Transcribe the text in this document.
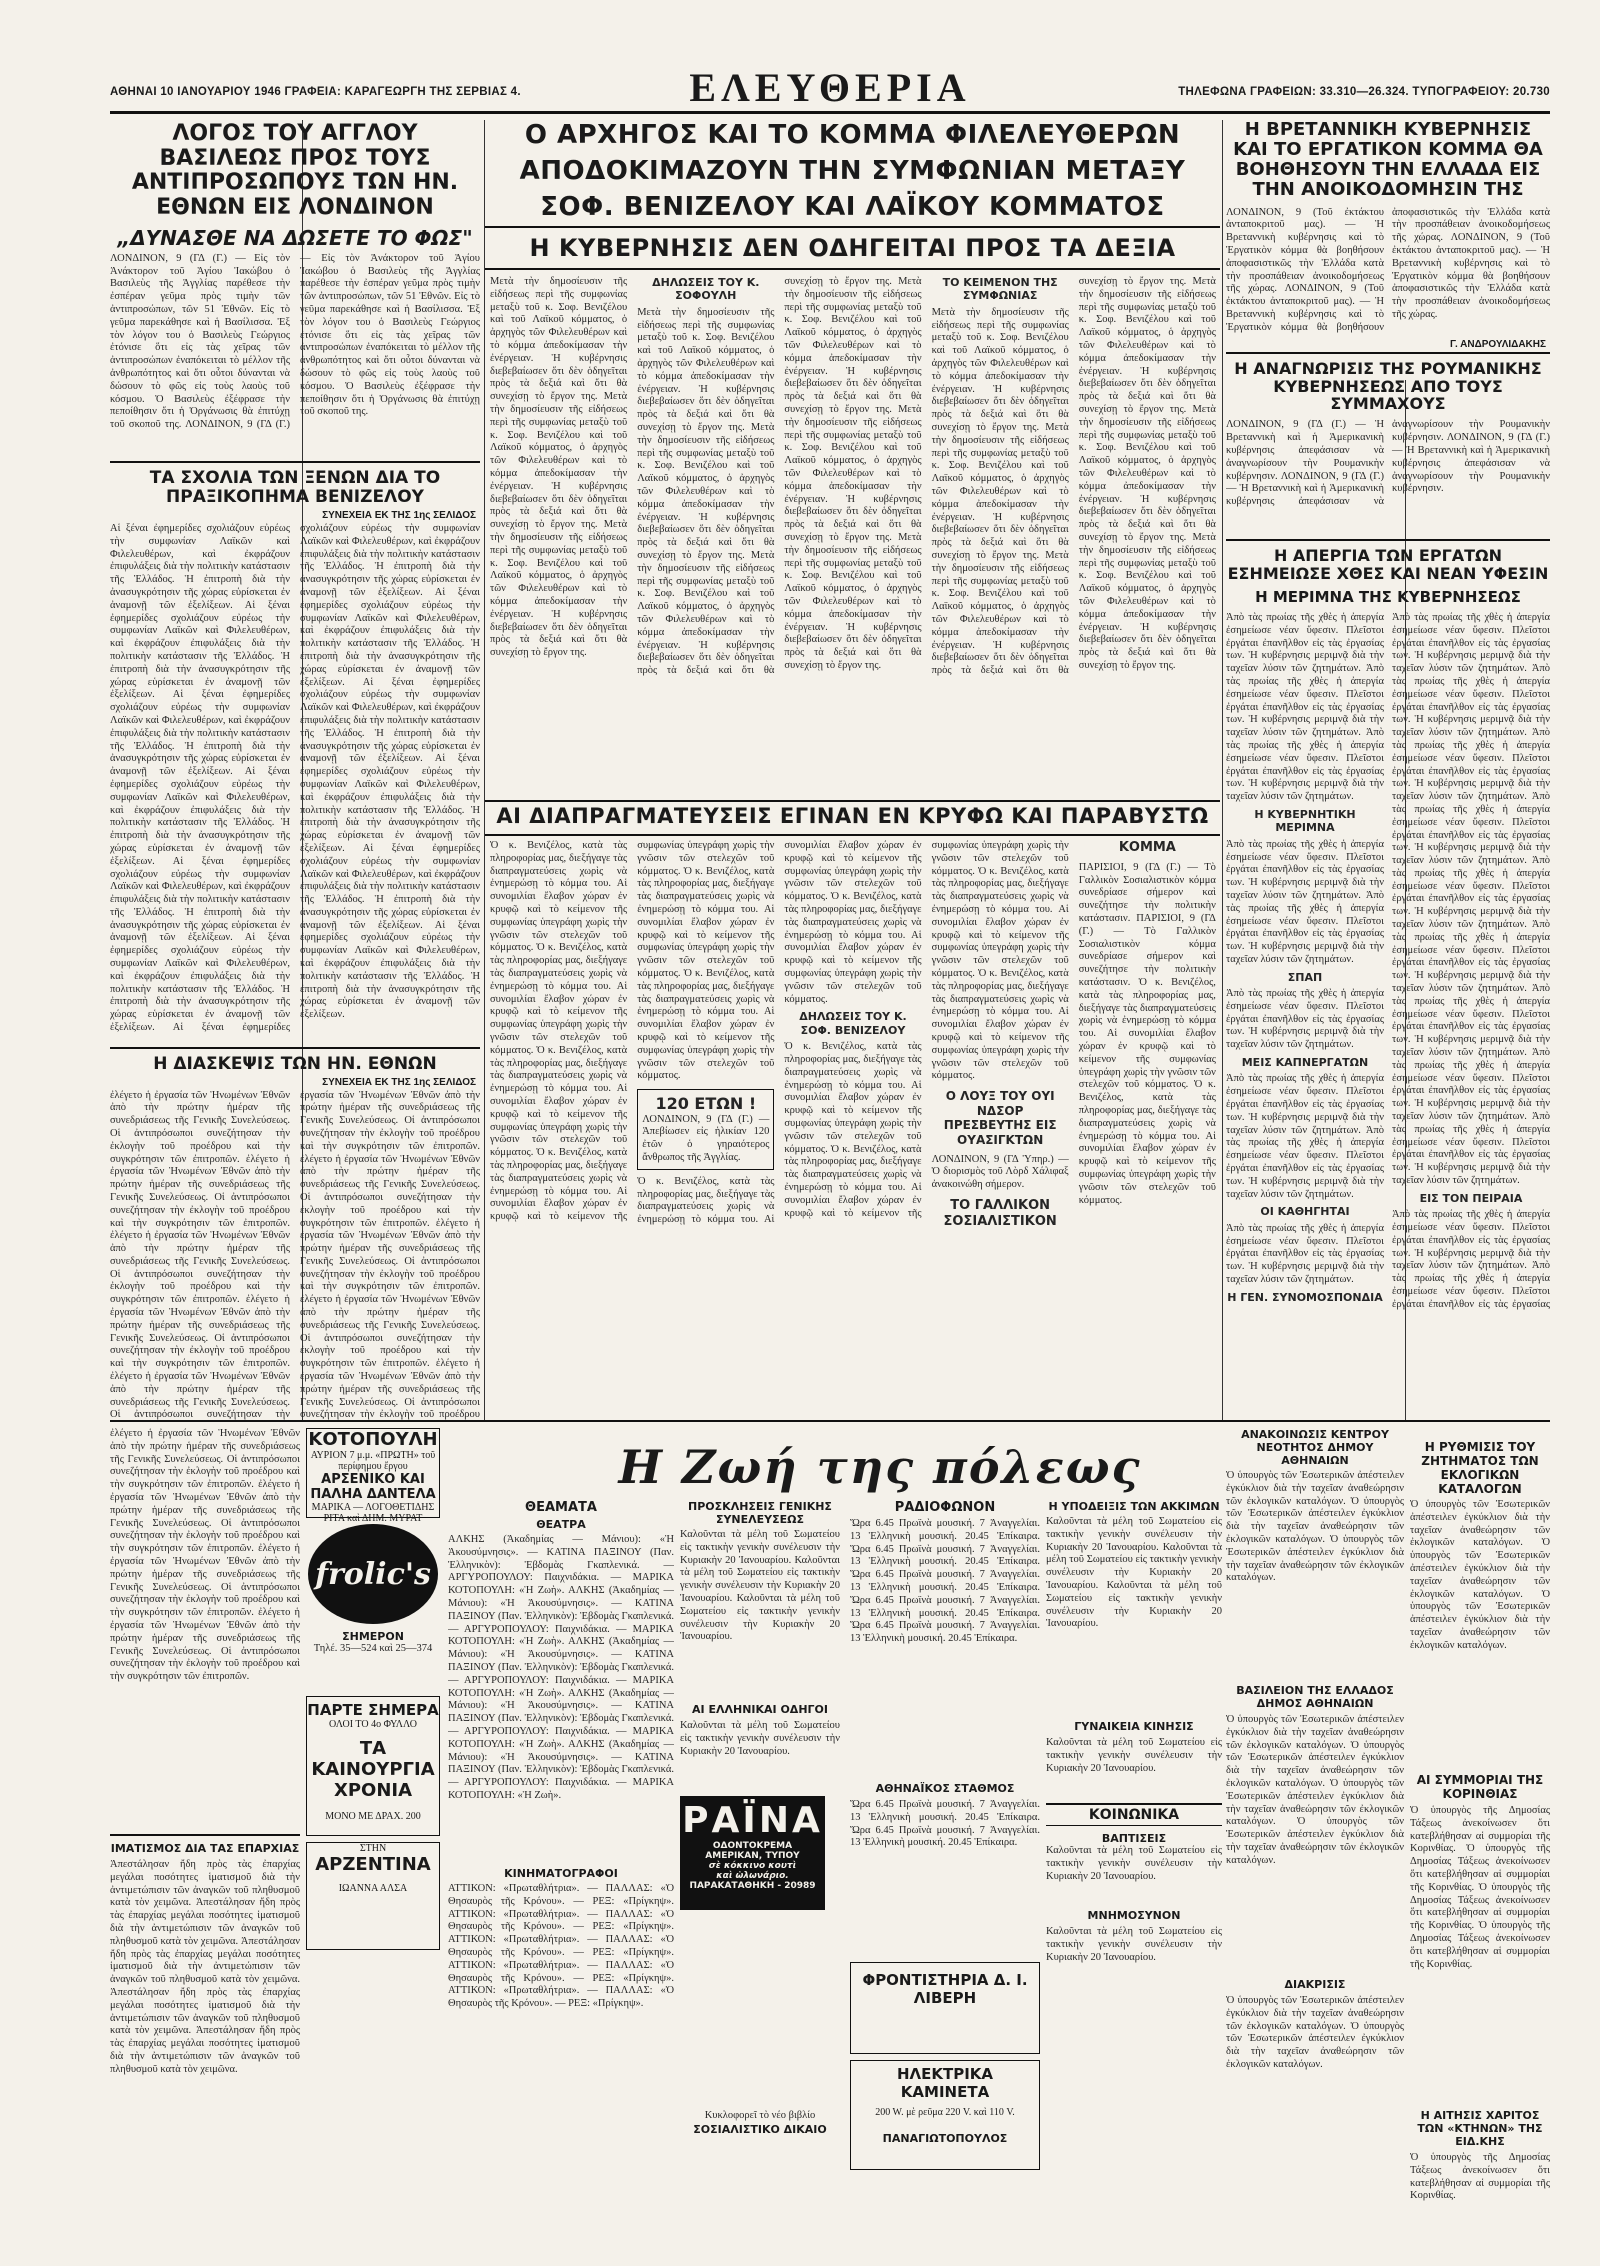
ΑΘΗΝΑΙ 10 ΙΑΝΟΥΑΡΙΟΥ 1946 ΓΡΑΦΕΙΑ: ΚΑΡΑΓΕΩΡΓΗ ΤΗΣ ΣΕΡΒΙΑΣ 4.	ΕΛΕΥΘΕΡΙΑ	ΤΗΛΕΦΩΝΑ ΓΡΑΦΕΙΩΝ: 33.310—26.324. ΤΥΠΟΓΡΑΦΕΙΟΥ: 20.730
ΛΟΓΟΣ ΤΟΥ ΑΓΓΛΟΥ ΒΑΣΙΛΕΩΣ ΠΡΟΣ ΤΟΥΣ ΑΝΤΙΠΡΟΣΩΠΟΥΣ ΤΩΝ ΗΝ. ΕΘΝΩΝ ΕΙΣ ΛΟΝΔΙΝΟΝ
„ΔΥΝΑΣΘΕ ΝΑ ΔΩΣΕΤΕ ΤΟ ΦΩΣ"
ΛΟΝΔΙΝΟΝ, 9 (ΓΔ (Γ.) — Εἰς τὸν Ἀνάκτορον τοῦ Ἁγίου Ἰακώβου ὁ Βασιλεὺς τῆς Ἀγγλίας παρέθεσε τὴν ἐσπέραν γεῦμα πρὸς τιμὴν τῶν ἀντιπροσώπων, τῶν 51 Ἐθνῶν. Εἰς τὸ γεῦμα παρεκάθησε καὶ ἡ Βασίλισσα. Ἐξ τὸν λόγον του ὁ Βασιλεὺς Γεώργιος ἐτόνισε ὅτι εἰς τὰς χεῖρας τῶν ἀντιπροσώπων ἐναπόκειται τὸ μέλλον τῆς ἀνθρωπότητος καὶ ὅτι οὗτοι δύνανται νὰ δώσουν τὸ φῶς εἰς τοὺς λαοὺς τοῦ κόσμου. Ὁ Βασιλεὺς ἐξέφρασε τὴν πεποίθησιν ὅτι ἡ Ὀργάνωσις θὰ ἐπιτύχῃ τοῦ σκοποῦ της. ΛΟΝΔΙΝΟΝ, 9 (ΓΔ (Γ.) — Εἰς τὸν Ἀνάκτορον τοῦ Ἁγίου Ἰακώβου ὁ Βασιλεὺς τῆς Ἀγγλίας παρέθεσε τὴν ἐσπέραν γεῦμα πρὸς τιμὴν τῶν ἀντιπροσώπων, τῶν 51 Ἐθνῶν. Εἰς τὸ γεῦμα παρεκάθησε καὶ ἡ Βασίλισσα. Ἐξ τὸν λόγον του ὁ Βασιλεὺς Γεώργιος ἐτόνισε ὅτι εἰς τὰς χεῖρας τῶν ἀντιπροσώπων ἐναπόκειται τὸ μέλλον τῆς ἀνθρωπότητος καὶ ὅτι οὗτοι δύνανται νὰ δώσουν τὸ φῶς εἰς τοὺς λαοὺς τοῦ κόσμου. Ὁ Βασιλεὺς ἐξέφρασε τὴν πεποίθησιν ὅτι ἡ Ὀργάνωσις θὰ ἐπιτύχῃ τοῦ σκοποῦ της.
ΤΑ ΣΧΟΛΙΑ ΤΩΝ ΞΕΝΩΝ ΔΙΑ ΤΟ ΠΡΑΞΙΚΟΠΗΜΑ ΒΕΝΙΖΕΛΟΥ
ΣΥΝΕΧΕΙΑ ΕΚ ΤΗΣ 1ης ΣΕΛΙΔΟΣ
Αἱ ξέναι ἐφημερίδες σχολιάζουν εὐρέως τὴν συμφωνίαν Λαϊκῶν καὶ Φιλελευθέρων, καὶ ἐκφράζουν ἐπιφυλάξεις διὰ τὴν πολιτικὴν κατάστασιν τῆς Ἑλλάδος. Ἡ ἐπιτροπὴ διὰ τὴν ἀνασυγκρότησιν τῆς χώρας εὑρίσκεται ἐν ἀναμονῇ τῶν ἐξελίξεων. Αἱ ξέναι ἐφημερίδες σχολιάζουν εὐρέως τὴν συμφωνίαν Λαϊκῶν καὶ Φιλελευθέρων, καὶ ἐκφράζουν ἐπιφυλάξεις διὰ τὴν πολιτικὴν κατάστασιν τῆς Ἑλλάδος. Ἡ ἐπιτροπὴ διὰ τὴν ἀνασυγκρότησιν τῆς χώρας εὑρίσκεται ἐν ἀναμονῇ τῶν ἐξελίξεων. Αἱ ξέναι ἐφημερίδες σχολιάζουν εὐρέως τὴν συμφωνίαν Λαϊκῶν καὶ Φιλελευθέρων, καὶ ἐκφράζουν ἐπιφυλάξεις διὰ τὴν πολιτικὴν κατάστασιν τῆς Ἑλλάδος. Ἡ ἐπιτροπὴ διὰ τὴν ἀνασυγκρότησιν τῆς χώρας εὑρίσκεται ἐν ἀναμονῇ τῶν ἐξελίξεων. Αἱ ξέναι ἐφημερίδες σχολιάζουν εὐρέως τὴν συμφωνίαν Λαϊκῶν καὶ Φιλελευθέρων, καὶ ἐκφράζουν ἐπιφυλάξεις διὰ τὴν πολιτικὴν κατάστασιν τῆς Ἑλλάδος. Ἡ ἐπιτροπὴ διὰ τὴν ἀνασυγκρότησιν τῆς χώρας εὑρίσκεται ἐν ἀναμονῇ τῶν ἐξελίξεων. Αἱ ξέναι ἐφημερίδες σχολιάζουν εὐρέως τὴν συμφωνίαν Λαϊκῶν καὶ Φιλελευθέρων, καὶ ἐκφράζουν ἐπιφυλάξεις διὰ τὴν πολιτικὴν κατάστασιν τῆς Ἑλλάδος. Ἡ ἐπιτροπὴ διὰ τὴν ἀνασυγκρότησιν τῆς χώρας εὑρίσκεται ἐν ἀναμονῇ τῶν ἐξελίξεων. Αἱ ξέναι ἐφημερίδες σχολιάζουν εὐρέως τὴν συμφωνίαν Λαϊκῶν καὶ Φιλελευθέρων, καὶ ἐκφράζουν ἐπιφυλάξεις διὰ τὴν πολιτικὴν κατάστασιν τῆς Ἑλλάδος. Ἡ ἐπιτροπὴ διὰ τὴν ἀνασυγκρότησιν τῆς χώρας εὑρίσκεται ἐν ἀναμονῇ τῶν ἐξελίξεων. Αἱ ξέναι ἐφημερίδες σχολιάζουν εὐρέως τὴν συμφωνίαν Λαϊκῶν καὶ Φιλελευθέρων, καὶ ἐκφράζουν ἐπιφυλάξεις διὰ τὴν πολιτικὴν κατάστασιν τῆς Ἑλλάδος. Ἡ ἐπιτροπὴ διὰ τὴν ἀνασυγκρότησιν τῆς χώρας εὑρίσκεται ἐν ἀναμονῇ τῶν ἐξελίξεων. Αἱ ξέναι ἐφημερίδες σχολιάζουν εὐρέως τὴν συμφωνίαν Λαϊκῶν καὶ Φιλελευθέρων, καὶ ἐκφράζουν ἐπιφυλάξεις διὰ τὴν πολιτικὴν κατάστασιν τῆς Ἑλλάδος. Ἡ ἐπιτροπὴ διὰ τὴν ἀνασυγκρότησιν τῆς χώρας εὑρίσκεται ἐν ἀναμονῇ τῶν ἐξελίξεων. Αἱ ξέναι ἐφημερίδες σχολιάζουν εὐρέως τὴν συμφωνίαν Λαϊκῶν καὶ Φιλελευθέρων, καὶ ἐκφράζουν ἐπιφυλάξεις διὰ τὴν πολιτικὴν κατάστασιν τῆς Ἑλλάδος. Ἡ ἐπιτροπὴ διὰ τὴν ἀνασυγκρότησιν τῆς χώρας εὑρίσκεται ἐν ἀναμονῇ τῶν ἐξελίξεων. Αἱ ξέναι ἐφημερίδες σχολιάζουν εὐρέως τὴν συμφωνίαν Λαϊκῶν καὶ Φιλελευθέρων, καὶ ἐκφράζουν ἐπιφυλάξεις διὰ τὴν πολιτικὴν κατάστασιν τῆς Ἑλλάδος. Ἡ ἐπιτροπὴ διὰ τὴν ἀνασυγκρότησιν τῆς χώρας εὑρίσκεται ἐν ἀναμονῇ τῶν ἐξελίξεων. Αἱ ξέναι ἐφημερίδες σχολιάζουν εὐρέως τὴν συμφωνίαν Λαϊκῶν καὶ Φιλελευθέρων, καὶ ἐκφράζουν ἐπιφυλάξεις διὰ τὴν πολιτικὴν κατάστασιν τῆς Ἑλλάδος. Ἡ ἐπιτροπὴ διὰ τὴν ἀνασυγκρότησιν τῆς χώρας εὑρίσκεται ἐν ἀναμονῇ τῶν ἐξελίξεων. Αἱ ξέναι ἐφημερίδες σχολιάζουν εὐρέως τὴν συμφωνίαν Λαϊκῶν καὶ Φιλελευθέρων, καὶ ἐκφράζουν ἐπιφυλάξεις διὰ τὴν πολιτικὴν κατάστασιν τῆς Ἑλλάδος. Ἡ ἐπιτροπὴ διὰ τὴν ἀνασυγκρότησιν τῆς χώρας εὑρίσκεται ἐν ἀναμονῇ τῶν ἐξελίξεων.
Η ΔΙΑΣΚΕΨΙΣ ΤΩΝ ΗΝ. ΕΘΝΩΝ
ΣΥΝΕΧΕΙΑ ΕΚ ΤΗΣ 1ης ΣΕΛΙΔΟΣ
ἐλέγετο ἡ ἐργασία τῶν Ἡνωμένων Ἐθνῶν ἀπὸ τὴν πρώτην ἡμέραν τῆς συνεδριάσεως τῆς Γενικῆς Συνελεύσεως. Οἱ ἀντιπρόσωποι συνεζήτησαν τὴν ἐκλογὴν τοῦ προέδρου καὶ τὴν συγκρότησιν τῶν ἐπιτροπῶν. ἐλέγετο ἡ ἐργασία τῶν Ἡνωμένων Ἐθνῶν ἀπὸ τὴν πρώτην ἡμέραν τῆς συνεδριάσεως τῆς Γενικῆς Συνελεύσεως. Οἱ ἀντιπρόσωποι συνεζήτησαν τὴν ἐκλογὴν τοῦ προέδρου καὶ τὴν συγκρότησιν τῶν ἐπιτροπῶν. ἐλέγετο ἡ ἐργασία τῶν Ἡνωμένων Ἐθνῶν ἀπὸ τὴν πρώτην ἡμέραν τῆς συνεδριάσεως τῆς Γενικῆς Συνελεύσεως. Οἱ ἀντιπρόσωποι συνεζήτησαν τὴν ἐκλογὴν τοῦ προέδρου καὶ τὴν συγκρότησιν τῶν ἐπιτροπῶν. ἐλέγετο ἡ ἐργασία τῶν Ἡνωμένων Ἐθνῶν ἀπὸ τὴν πρώτην ἡμέραν τῆς συνεδριάσεως τῆς Γενικῆς Συνελεύσεως. Οἱ ἀντιπρόσωποι συνεζήτησαν τὴν ἐκλογὴν τοῦ προέδρου καὶ τὴν συγκρότησιν τῶν ἐπιτροπῶν. ἐλέγετο ἡ ἐργασία τῶν Ἡνωμένων Ἐθνῶν ἀπὸ τὴν πρώτην ἡμέραν τῆς συνεδριάσεως τῆς Γενικῆς Συνελεύσεως. Οἱ ἀντιπρόσωποι συνεζήτησαν τὴν ἐργασία τῶν Ἡνωμένων Ἐθνῶν ἀπὸ τὴν πρώτην ἡμέραν τῆς συνεδριάσεως τῆς Γενικῆς Συνελεύσεως. Οἱ ἀντιπρόσωποι συνεζήτησαν τὴν ἐκλογὴν τοῦ προέδρου καὶ τὴν συγκρότησιν τῶν ἐπιτροπῶν. ἐλέγετο ἡ ἐργασία τῶν Ἡνωμένων Ἐθνῶν ἀπὸ τὴν πρώτην ἡμέραν τῆς συνεδριάσεως τῆς Γενικῆς Συνελεύσεως. Οἱ ἀντιπρόσωποι συνεζήτησαν τὴν ἐκλογὴν τοῦ προέδρου καὶ τὴν συγκρότησιν τῶν ἐπιτροπῶν. ἐλέγετο ἡ ἐργασία τῶν Ἡνωμένων Ἐθνῶν ἀπὸ τὴν πρώτην ἡμέραν τῆς συνεδριάσεως τῆς Γενικῆς Συνελεύσεως. Οἱ ἀντιπρόσωποι συνεζήτησαν τὴν ἐκλογὴν τοῦ προέδρου καὶ τὴν συγκρότησιν τῶν ἐπιτροπῶν. ἐλέγετο ἡ ἐργασία τῶν Ἡνωμένων Ἐθνῶν ἀπὸ τὴν πρώτην ἡμέραν τῆς συνεδριάσεως τῆς Γενικῆς Συνελεύσεως. Οἱ ἀντιπρόσωποι συνεζήτησαν τὴν ἐκλογὴν τοῦ προέδρου καὶ τὴν συγκρότησιν τῶν ἐπιτροπῶν. ἐλέγετο ἡ ἐργασία τῶν Ἡνωμένων Ἐθνῶν ἀπὸ τὴν πρώτην ἡμέραν τῆς συνεδριάσεως τῆς Γενικῆς Συνελεύσεως. Οἱ ἀντιπρόσωποι συνεζήτησαν τὴν ἐκλογὴν τοῦ προέδρου
Ο ΑΡΧΗΓΟΣ ΚΑΙ ΤΟ ΚΟΜΜΑ ΦΙΛΕΛΕΥΘΕΡΩΝ
ΑΠΟΔΟΚΙΜΑΖΟΥΝ ΤΗΝ ΣΥΜΦΩΝΙΑΝ ΜΕΤΑΞΥ
ΣΟΦ. ΒΕΝΙΖΕΛΟΥ ΚΑΙ ΛΑΪΚΟΥ ΚΟΜΜΑΤΟΣ
Η ΚΥΒΕΡΝΗΣΙΣ ΔΕΝ ΟΔΗΓΕΙΤΑΙ ΠΡΟΣ ΤΑ ΔΕΞΙΑ
Μετὰ τὴν δημοσίευσιν τῆς εἰδήσεως περὶ τῆς συμφωνίας μεταξὺ τοῦ κ. Σοφ. Βενιζέλου καὶ τοῦ Λαϊκοῦ κόμματος, ὁ ἀρχηγὸς τῶν Φιλελευθέρων καὶ τὸ κόμμα ἀπεδοκίμασαν τὴν ἐνέργειαν. Ἡ κυβέρνησις διεβεβαίωσεν ὅτι δὲν ὁδηγεῖται πρὸς τὰ δεξιά καὶ ὅτι θὰ συνεχίσῃ τὸ ἔργον της. Μετὰ τὴν δημοσίευσιν τῆς εἰδήσεως περὶ τῆς συμφωνίας μεταξὺ τοῦ κ. Σοφ. Βενιζέλου καὶ τοῦ Λαϊκοῦ κόμματος, ὁ ἀρχηγὸς τῶν Φιλελευθέρων καὶ τὸ κόμμα ἀπεδοκίμασαν τὴν ἐνέργειαν. Ἡ κυβέρνησις διεβεβαίωσεν ὅτι δὲν ὁδηγεῖται πρὸς τὰ δεξιά καὶ ὅτι θὰ συνεχίσῃ τὸ ἔργον της. Μετὰ τὴν δημοσίευσιν τῆς εἰδήσεως περὶ τῆς συμφωνίας μεταξὺ τοῦ κ. Σοφ. Βενιζέλου καὶ τοῦ Λαϊκοῦ κόμματος, ὁ ἀρχηγὸς τῶν Φιλελευθέρων καὶ τὸ κόμμα ἀπεδοκίμασαν τὴν ἐνέργειαν. Ἡ κυβέρνησις διεβεβαίωσεν ὅτι δὲν ὁδηγεῖται πρὸς τὰ δεξιά καὶ ὅτι θὰ συνεχίσῃ τὸ ἔργον της.
ΔΗΛΩΣΕΙΣ ΤΟΥ Κ. ΣΟΦΟΥΛΗ
Μετὰ τὴν δημοσίευσιν τῆς εἰδήσεως περὶ τῆς συμφωνίας μεταξὺ τοῦ κ. Σοφ. Βενιζέλου καὶ τοῦ Λαϊκοῦ κόμματος, ὁ ἀρχηγὸς τῶν Φιλελευθέρων καὶ τὸ κόμμα ἀπεδοκίμασαν τὴν ἐνέργειαν. Ἡ κυβέρνησις διεβεβαίωσεν ὅτι δὲν ὁδηγεῖται πρὸς τὰ δεξιά καὶ ὅτι θὰ συνεχίσῃ τὸ ἔργον της. Μετὰ τὴν δημοσίευσιν τῆς εἰδήσεως περὶ τῆς συμφωνίας μεταξὺ τοῦ κ. Σοφ. Βενιζέλου καὶ τοῦ Λαϊκοῦ κόμματος, ὁ ἀρχηγὸς τῶν Φιλελευθέρων καὶ τὸ κόμμα ἀπεδοκίμασαν τὴν ἐνέργειαν. Ἡ κυβέρνησις διεβεβαίωσεν ὅτι δὲν ὁδηγεῖται πρὸς τὰ δεξιά καὶ ὅτι θὰ συνεχίσῃ τὸ ἔργον της. Μετὰ τὴν δημοσίευσιν τῆς εἰδήσεως περὶ τῆς συμφωνίας μεταξὺ τοῦ κ. Σοφ. Βενιζέλου καὶ τοῦ Λαϊκοῦ κόμματος, ὁ ἀρχηγὸς τῶν Φιλελευθέρων καὶ τὸ κόμμα ἀπεδοκίμασαν τὴν ἐνέργειαν. Ἡ κυβέρνησις διεβεβαίωσεν ὅτι δὲν ὁδηγεῖται πρὸς τὰ δεξιά καὶ ὅτι θὰ συνεχίσῃ τὸ ἔργον της. Μετὰ τὴν δημοσίευσιν τῆς εἰδήσεως περὶ τῆς συμφωνίας μεταξὺ τοῦ κ. Σοφ. Βενιζέλου καὶ τοῦ Λαϊκοῦ κόμματος, ὁ ἀρχηγὸς τῶν Φιλελευθέρων καὶ τὸ κόμμα ἀπεδοκίμασαν τὴν ἐνέργειαν. Ἡ κυβέρνησις διεβεβαίωσεν ὅτι δὲν ὁδηγεῖται πρὸς τὰ δεξιά καὶ ὅτι θὰ συνεχίσῃ τὸ ἔργον της. Μετὰ τὴν δημοσίευσιν τῆς εἰδήσεως περὶ τῆς συμφωνίας μεταξὺ τοῦ κ. Σοφ. Βενιζέλου καὶ τοῦ Λαϊκοῦ κόμματος, ὁ ἀρχηγὸς τῶν Φιλελευθέρων καὶ τὸ κόμμα ἀπεδοκίμασαν τὴν ἐνέργειαν. Ἡ κυβέρνησις διεβεβαίωσεν ὅτι δὲν ὁδηγεῖται πρὸς τὰ δεξιά καὶ ὅτι θὰ συνεχίσῃ τὸ ἔργον της. Μετὰ τὴν δημοσίευσιν τῆς εἰδήσεως περὶ τῆς συμφωνίας μεταξὺ τοῦ κ. Σοφ. Βενιζέλου καὶ τοῦ Λαϊκοῦ κόμματος, ὁ ἀρχηγὸς τῶν Φιλελευθέρων καὶ τὸ κόμμα ἀπεδοκίμασαν τὴν ἐνέργειαν. Ἡ κυβέρνησις διεβεβαίωσεν ὅτι δὲν ὁδηγεῖται πρὸς τὰ δεξιά καὶ ὅτι θὰ συνεχίσῃ τὸ ἔργον της.
ΤΟ ΚΕΙΜΕΝΟΝ ΤΗΣ ΣΥΜΦΩΝΙΑΣ
Μετὰ τὴν δημοσίευσιν τῆς εἰδήσεως περὶ τῆς συμφωνίας μεταξὺ τοῦ κ. Σοφ. Βενιζέλου καὶ τοῦ Λαϊκοῦ κόμματος, ὁ ἀρχηγὸς τῶν Φιλελευθέρων καὶ τὸ κόμμα ἀπεδοκίμασαν τὴν ἐνέργειαν. Ἡ κυβέρνησις διεβεβαίωσεν ὅτι δὲν ὁδηγεῖται πρὸς τὰ δεξιά καὶ ὅτι θὰ συνεχίσῃ τὸ ἔργον της. Μετὰ τὴν δημοσίευσιν τῆς εἰδήσεως περὶ τῆς συμφωνίας μεταξὺ τοῦ κ. Σοφ. Βενιζέλου καὶ τοῦ Λαϊκοῦ κόμματος, ὁ ἀρχηγὸς τῶν Φιλελευθέρων καὶ τὸ κόμμα ἀπεδοκίμασαν τὴν ἐνέργειαν. Ἡ κυβέρνησις διεβεβαίωσεν ὅτι δὲν ὁδηγεῖται πρὸς τὰ δεξιά καὶ ὅτι θὰ συνεχίσῃ τὸ ἔργον της. Μετὰ τὴν δημοσίευσιν τῆς εἰδήσεως περὶ τῆς συμφωνίας μεταξὺ τοῦ κ. Σοφ. Βενιζέλου καὶ τοῦ Λαϊκοῦ κόμματος, ὁ ἀρχηγὸς τῶν Φιλελευθέρων καὶ τὸ κόμμα ἀπεδοκίμασαν τὴν ἐνέργειαν. Ἡ κυβέρνησις διεβεβαίωσεν ὅτι δὲν ὁδηγεῖται πρὸς τὰ δεξιά καὶ ὅτι θὰ συνεχίσῃ τὸ ἔργον της. Μετὰ τὴν δημοσίευσιν τῆς εἰδήσεως περὶ τῆς συμφωνίας μεταξὺ τοῦ κ. Σοφ. Βενιζέλου καὶ τοῦ Λαϊκοῦ κόμματος, ὁ ἀρχηγὸς τῶν Φιλελευθέρων καὶ τὸ κόμμα ἀπεδοκίμασαν τὴν ἐνέργειαν. Ἡ κυβέρνησις διεβεβαίωσεν ὅτι δὲν ὁδηγεῖται πρὸς τὰ δεξιά καὶ ὅτι θὰ συνεχίσῃ τὸ ἔργον της. Μετὰ τὴν δημοσίευσιν τῆς εἰδήσεως περὶ τῆς συμφωνίας μεταξὺ τοῦ κ. Σοφ. Βενιζέλου καὶ τοῦ Λαϊκοῦ κόμματος, ὁ ἀρχηγὸς τῶν Φιλελευθέρων καὶ τὸ κόμμα ἀπεδοκίμασαν τὴν ἐνέργειαν. Ἡ κυβέρνησις διεβεβαίωσεν ὅτι δὲν ὁδηγεῖται πρὸς τὰ δεξιά καὶ ὅτι θὰ συνεχίσῃ τὸ ἔργον της. Μετὰ τὴν δημοσίευσιν τῆς εἰδήσεως περὶ τῆς συμφωνίας μεταξὺ τοῦ κ. Σοφ. Βενιζέλου καὶ τοῦ Λαϊκοῦ κόμματος, ὁ ἀρχηγὸς τῶν Φιλελευθέρων καὶ τὸ κόμμα ἀπεδοκίμασαν τὴν ἐνέργειαν. Ἡ κυβέρνησις διεβεβαίωσεν ὅτι δὲν ὁδηγεῖται πρὸς τὰ δεξιά καὶ ὅτι θὰ συνεχίσῃ τὸ ἔργον της.
ΑΙ ΔΙΑΠΡΑΓΜΑΤΕΥΣΕΙΣ ΕΓΙΝΑΝ ΕΝ ΚΡΥΦΩ ΚΑΙ ΠΑΡΑΒΥΣΤΩ
Ὁ κ. Βενιζέλος, κατὰ τὰς πληροφορίας μας, διεξήγαγε τὰς διαπραγματεύσεις χωρὶς νὰ ἐνημερώσῃ τὸ κόμμα του. Αἱ συνομιλίαι ἔλαβον χώραν ἐν κρυφῷ καὶ τὸ κείμενον τῆς συμφωνίας ὑπεγράφη χωρὶς τὴν γνῶσιν τῶν στελεχῶν τοῦ κόμματος. Ὁ κ. Βενιζέλος, κατὰ τὰς πληροφορίας μας, διεξήγαγε τὰς διαπραγματεύσεις χωρὶς νὰ ἐνημερώσῃ τὸ κόμμα του. Αἱ συνομιλίαι ἔλαβον χώραν ἐν κρυφῷ καὶ τὸ κείμενον τῆς συμφωνίας ὑπεγράφη χωρὶς τὴν γνῶσιν τῶν στελεχῶν τοῦ κόμματος. Ὁ κ. Βενιζέλος, κατὰ τὰς πληροφορίας μας, διεξήγαγε τὰς διαπραγματεύσεις χωρὶς νὰ ἐνημερώσῃ τὸ κόμμα του. Αἱ συνομιλίαι ἔλαβον χώραν ἐν κρυφῷ καὶ τὸ κείμενον τῆς συμφωνίας ὑπεγράφη χωρὶς τὴν γνῶσιν τῶν στελεχῶν τοῦ κόμματος. Ὁ κ. Βενιζέλος, κατὰ τὰς πληροφορίας μας, διεξήγαγε τὰς διαπραγματεύσεις χωρὶς νὰ ἐνημερώσῃ τὸ κόμμα του. Αἱ συνομιλίαι ἔλαβον χώραν ἐν κρυφῷ καὶ τὸ κείμενον τῆς συμφωνίας ὑπεγράφη χωρὶς τὴν γνῶσιν τῶν στελεχῶν τοῦ κόμματος. Ὁ κ. Βενιζέλος, κατὰ τὰς πληροφορίας μας, διεξήγαγε τὰς διαπραγματεύσεις χωρὶς νὰ ἐνημερώσῃ τὸ κόμμα του. Αἱ συνομιλίαι ἔλαβον χώραν ἐν κρυφῷ καὶ τὸ κείμενον τῆς συμφωνίας ὑπεγράφη χωρὶς τὴν γνῶσιν τῶν στελεχῶν τοῦ κόμματος. Ὁ κ. Βενιζέλος, κατὰ τὰς πληροφορίας μας, διεξήγαγε τὰς διαπραγματεύσεις χωρὶς νὰ ἐνημερώσῃ τὸ κόμμα του. Αἱ συνομιλίαι ἔλαβον χώραν ἐν κρυφῷ καὶ τὸ κείμενον τῆς συμφωνίας ὑπεγράφη χωρὶς τὴν γνῶσιν τῶν στελεχῶν τοῦ κόμματος.
120 ΕΤΩΝ !
ΛΟΝΔΙΝΟΝ, 9 (ΓΔ (Γ.) — Ἀπεβίωσεν εἰς ἡλικίαν 120 ἐτῶν ὁ γηραιότερος ἄνθρωπος τῆς Ἀγγλίας.
Ὁ κ. Βενιζέλος, κατὰ τὰς πληροφορίας μας, διεξήγαγε τὰς διαπραγματεύσεις χωρὶς νὰ ἐνημερώσῃ τὸ κόμμα του. Αἱ συνομιλίαι ἔλαβον χώραν ἐν κρυφῷ καὶ τὸ κείμενον τῆς συμφωνίας ὑπεγράφη χωρὶς τὴν γνῶσιν τῶν στελεχῶν τοῦ κόμματος. Ὁ κ. Βενιζέλος, κατὰ τὰς πληροφορίας μας, διεξήγαγε τὰς διαπραγματεύσεις χωρὶς νὰ ἐνημερώσῃ τὸ κόμμα του. Αἱ συνομιλίαι ἔλαβον χώραν ἐν κρυφῷ καὶ τὸ κείμενον τῆς συμφωνίας ὑπεγράφη χωρὶς τὴν γνῶσιν τῶν στελεχῶν τοῦ κόμματος.
ΔΗΛΩΣΕΙΣ ΤΟΥ Κ. ΣΟΦ. ΒΕΝΙΖΕΛΟΥ
Ὁ κ. Βενιζέλος, κατὰ τὰς πληροφορίας μας, διεξήγαγε τὰς διαπραγματεύσεις χωρὶς νὰ ἐνημερώσῃ τὸ κόμμα του. Αἱ συνομιλίαι ἔλαβον χώραν ἐν κρυφῷ καὶ τὸ κείμενον τῆς συμφωνίας ὑπεγράφη χωρὶς τὴν γνῶσιν τῶν στελεχῶν τοῦ κόμματος. Ὁ κ. Βενιζέλος, κατὰ τὰς πληροφορίας μας, διεξήγαγε τὰς διαπραγματεύσεις χωρὶς νὰ ἐνημερώσῃ τὸ κόμμα του. Αἱ συνομιλίαι ἔλαβον χώραν ἐν κρυφῷ καὶ τὸ κείμενον τῆς συμφωνίας ὑπεγράφη χωρὶς τὴν γνῶσιν τῶν στελεχῶν τοῦ κόμματος. Ὁ κ. Βενιζέλος, κατὰ τὰς πληροφορίας μας, διεξήγαγε τὰς διαπραγματεύσεις χωρὶς νὰ ἐνημερώσῃ τὸ κόμμα του. Αἱ συνομιλίαι ἔλαβον χώραν ἐν κρυφῷ καὶ τὸ κείμενον τῆς συμφωνίας ὑπεγράφη χωρὶς τὴν γνῶσιν τῶν στελεχῶν τοῦ κόμματος. Ὁ κ. Βενιζέλος, κατὰ τὰς πληροφορίας μας, διεξήγαγε τὰς διαπραγματεύσεις χωρὶς νὰ ἐνημερώσῃ τὸ κόμμα του. Αἱ συνομιλίαι ἔλαβον χώραν ἐν κρυφῷ καὶ τὸ κείμενον τῆς συμφωνίας ὑπεγράφη χωρὶς τὴν γνῶσιν τῶν στελεχῶν τοῦ κόμματος.
Ο ΛΟΥΞ ΤΟΥ ΟΥΙ ΝΔΣΟΡ ΠΡΕΣΒΕΥΤΗΣ ΕΙΣ ΟΥΑΣΙΓΚΤΩΝ
ΛΟΝΔΙΝΟΝ, 9 (ΓΔ Ὑπηρ.) — Ὁ διορισμὸς τοῦ Λὸρδ Χάλιφαξ ἀνακοινώθη σήμερον.
ΤΟ ΓΑΛΛΙΚΟΝ ΣΟΣΙΑΛΙΣΤΙΚΟΝ ΚΟΜΜΑ
ΠΑΡΙΣΙΟΙ, 9 (ΓΔ (Γ.) — Τὸ Γαλλικὸν Σοσιαλιστικὸν κόμμα συνεδρίασε σήμερον καὶ συνεζήτησε τὴν πολιτικὴν κατάστασιν. ΠΑΡΙΣΙΟΙ, 9 (ΓΔ (Γ.) — Τὸ Γαλλικὸν Σοσιαλιστικὸν κόμμα συνεδρίασε σήμερον καὶ συνεζήτησε τὴν πολιτικὴν κατάστασιν. Ὁ κ. Βενιζέλος, κατὰ τὰς πληροφορίας μας, διεξήγαγε τὰς διαπραγματεύσεις χωρὶς νὰ ἐνημερώσῃ τὸ κόμμα του. Αἱ συνομιλίαι ἔλαβον χώραν ἐν κρυφῷ καὶ τὸ κείμενον τῆς συμφωνίας ὑπεγράφη χωρὶς τὴν γνῶσιν τῶν στελεχῶν τοῦ κόμματος. Ὁ κ. Βενιζέλος, κατὰ τὰς πληροφορίας μας, διεξήγαγε τὰς διαπραγματεύσεις χωρὶς νὰ ἐνημερώσῃ τὸ κόμμα του. Αἱ συνομιλίαι ἔλαβον χώραν ἐν κρυφῷ καὶ τὸ κείμενον τῆς συμφωνίας ὑπεγράφη χωρὶς τὴν γνῶσιν τῶν στελεχῶν τοῦ κόμματος.
Η ΒΡΕΤΑΝΝΙΚΗ ΚΥΒΕΡΝΗΣΙΣ ΚΑΙ ΤΟ ΕΡΓΑΤΙΚΟΝ ΚΟΜΜΑ ΘΑ ΒΟΗΘΗΣΟΥΝ ΤΗΝ ΕΛΛΑΔΑ ΕΙΣ ΤΗΝ ΑΝΟΙΚΟΔΟΜΗΣΙΝ ΤΗΣ
ΛΟΝΔΙΝΟΝ, 9 (Τοῦ ἐκτάκτου ἀνταποκριτοῦ μας). — Ἡ Βρεταννικὴ κυβέρνησις καὶ τὸ Ἐργατικὸν κόμμα θὰ βοηθήσουν ἀποφασιστικῶς τὴν Ἑλλάδα κατὰ τὴν προσπάθειαν ἀνοικοδομήσεως τῆς χώρας. ΛΟΝΔΙΝΟΝ, 9 (Τοῦ ἐκτάκτου ἀνταποκριτοῦ μας). — Ἡ Βρεταννικὴ κυβέρνησις καὶ τὸ Ἐργατικὸν κόμμα θὰ βοηθήσουν ἀποφασιστικῶς τὴν Ἑλλάδα κατὰ τὴν προσπάθειαν ἀνοικοδομήσεως τῆς χώρας. ΛΟΝΔΙΝΟΝ, 9 (Τοῦ ἐκτάκτου ἀνταποκριτοῦ μας). — Ἡ Βρεταννικὴ κυβέρνησις καὶ τὸ Ἐργατικὸν κόμμα θὰ βοηθήσουν ἀποφασιστικῶς τὴν Ἑλλάδα κατὰ τὴν προσπάθειαν ἀνοικοδομήσεως τῆς χώρας.
Γ. ΑΝΔΡΟΥΛΙΔΑΚΗΣ
Η ΑΝΑΓΝΩΡΙΣΙΣ ΤΗΣ ΡΟΥΜΑΝΙΚΗΣ ΚΥΒΕΡΝΗΣΕΩΣ ΑΠΟ ΤΟΥΣ ΣΥΜΜΑΧΟΥΣ
ΛΟΝΔΙΝΟΝ, 9 (ΓΔ (Γ.) — Ἡ Βρεταννικὴ καὶ ἡ Ἀμερικανικὴ κυβέρνησις ἀπεφάσισαν νὰ ἀναγνωρίσουν τὴν Ρουμανικὴν κυβέρνησιν. ΛΟΝΔΙΝΟΝ, 9 (ΓΔ (Γ.) — Ἡ Βρεταννικὴ καὶ ἡ Ἀμερικανικὴ κυβέρνησις ἀπεφάσισαν νὰ ἀναγνωρίσουν τὴν Ρουμανικὴν κυβέρνησιν. ΛΟΝΔΙΝΟΝ, 9 (ΓΔ (Γ.) — Ἡ Βρεταννικὴ καὶ ἡ Ἀμερικανικὴ κυβέρνησις ἀπεφάσισαν νὰ ἀναγνωρίσουν τὴν Ρουμανικὴν κυβέρνησιν.
Η ΑΠΕΡΓΙΑ ΤΩΝ ΕΡΓΑΤΩΝ ΕΣΗΜΕΙΩΣΕ ΧΘΕΣ ΚΑΙ ΝΕΑΝ ΥΦΕΣΙΝ
Η ΜΕΡΙΜΝΑ ΤΗΣ ΚΥΒΕΡΝΗΣΕΩΣ
Ἀπὸ τὰς πρωίας τῆς χθὲς ἡ ἀπεργία ἐσημείωσε νέαν ὕφεσιν. Πλεῖστοι ἐργάται ἐπανῆλθον εἰς τὰς ἐργασίας των. Ἡ κυβέρνησις μεριμνᾷ διὰ τὴν ταχεῖαν λύσιν τῶν ζητημάτων. Ἀπὸ τὰς πρωίας τῆς χθὲς ἡ ἀπεργία ἐσημείωσε νέαν ὕφεσιν. Πλεῖστοι ἐργάται ἐπανῆλθον εἰς τὰς ἐργασίας των. Ἡ κυβέρνησις μεριμνᾷ διὰ τὴν ταχεῖαν λύσιν τῶν ζητημάτων. Ἀπὸ τὰς πρωίας τῆς χθὲς ἡ ἀπεργία ἐσημείωσε νέαν ὕφεσιν. Πλεῖστοι ἐργάται ἐπανῆλθον εἰς τὰς ἐργασίας των. Ἡ κυβέρνησις μεριμνᾷ διὰ τὴν ταχεῖαν λύσιν τῶν ζητημάτων.
Η ΚΥΒΕΡΝΗΤΙΚΗ ΜΕΡΙΜΝΑ
Ἀπὸ τὰς πρωίας τῆς χθὲς ἡ ἀπεργία ἐσημείωσε νέαν ὕφεσιν. Πλεῖστοι ἐργάται ἐπανῆλθον εἰς τὰς ἐργασίας των. Ἡ κυβέρνησις μεριμνᾷ διὰ τὴν ταχεῖαν λύσιν τῶν ζητημάτων. Ἀπὸ τὰς πρωίας τῆς χθὲς ἡ ἀπεργία ἐσημείωσε νέαν ὕφεσιν. Πλεῖστοι ἐργάται ἐπανῆλθον εἰς τὰς ἐργασίας των. Ἡ κυβέρνησις μεριμνᾷ διὰ τὴν ταχεῖαν λύσιν τῶν ζητημάτων.
ΣΠΑΠ
Ἀπὸ τὰς πρωίας τῆς χθὲς ἡ ἀπεργία ἐσημείωσε νέαν ὕφεσιν. Πλεῖστοι ἐργάται ἐπανῆλθον εἰς τὰς ἐργασίας των. Ἡ κυβέρνησις μεριμνᾷ διὰ τὴν ταχεῖαν λύσιν τῶν ζητημάτων.
ΜΕΙΣ ΚΑΠΝΕΡΓΑΤΩΝ
Ἀπὸ τὰς πρωίας τῆς χθὲς ἡ ἀπεργία ἐσημείωσε νέαν ὕφεσιν. Πλεῖστοι ἐργάται ἐπανῆλθον εἰς τὰς ἐργασίας των. Ἡ κυβέρνησις μεριμνᾷ διὰ τὴν ταχεῖαν λύσιν τῶν ζητημάτων. Ἀπὸ τὰς πρωίας τῆς χθὲς ἡ ἀπεργία ἐσημείωσε νέαν ὕφεσιν. Πλεῖστοι ἐργάται ἐπανῆλθον εἰς τὰς ἐργασίας των. Ἡ κυβέρνησις μεριμνᾷ διὰ τὴν ταχεῖαν λύσιν τῶν ζητημάτων.
ΟΙ ΚΑΘΗΓΗΤΑΙ
Ἀπὸ τὰς πρωίας τῆς χθὲς ἡ ἀπεργία ἐσημείωσε νέαν ὕφεσιν. Πλεῖστοι ἐργάται ἐπανῆλθον εἰς τὰς ἐργασίας των. Ἡ κυβέρνησις μεριμνᾷ διὰ τὴν ταχεῖαν λύσιν τῶν ζητημάτων.
Η ΓΕΝ. ΣΥΝΟΜΟΣΠΟΝΔΙΑ
Ἀπὸ τὰς πρωίας τῆς χθὲς ἡ ἀπεργία ἐσημείωσε νέαν ὕφεσιν. Πλεῖστοι ἐργάται ἐπανῆλθον εἰς τὰς ἐργασίας των. Ἡ κυβέρνησις μεριμνᾷ διὰ τὴν ταχεῖαν λύσιν τῶν ζητημάτων. Ἀπὸ τὰς πρωίας τῆς χθὲς ἡ ἀπεργία ἐσημείωσε νέαν ὕφεσιν. Πλεῖστοι ἐργάται ἐπανῆλθον εἰς τὰς ἐργασίας των. Ἡ κυβέρνησις μεριμνᾷ διὰ τὴν ταχεῖαν λύσιν τῶν ζητημάτων. Ἀπὸ τὰς πρωίας τῆς χθὲς ἡ ἀπεργία ἐσημείωσε νέαν ὕφεσιν. Πλεῖστοι ἐργάται ἐπανῆλθον εἰς τὰς ἐργασίας των. Ἡ κυβέρνησις μεριμνᾷ διὰ τὴν ταχεῖαν λύσιν τῶν ζητημάτων. Ἀπὸ τὰς πρωίας τῆς χθὲς ἡ ἀπεργία ἐσημείωσε νέαν ὕφεσιν. Πλεῖστοι ἐργάται ἐπανῆλθον εἰς τὰς ἐργασίας των. Ἡ κυβέρνησις μεριμνᾷ διὰ τὴν ταχεῖαν λύσιν τῶν ζητημάτων. Ἀπὸ τὰς πρωίας τῆς χθὲς ἡ ἀπεργία ἐσημείωσε νέαν ὕφεσιν. Πλεῖστοι ἐργάται ἐπανῆλθον εἰς τὰς ἐργασίας των. Ἡ κυβέρνησις μεριμνᾷ διὰ τὴν ταχεῖαν λύσιν τῶν ζητημάτων. Ἀπὸ τὰς πρωίας τῆς χθὲς ἡ ἀπεργία ἐσημείωσε νέαν ὕφεσιν. Πλεῖστοι ἐργάται ἐπανῆλθον εἰς τὰς ἐργασίας των. Ἡ κυβέρνησις μεριμνᾷ διὰ τὴν ταχεῖαν λύσιν τῶν ζητημάτων. Ἀπὸ τὰς πρωίας τῆς χθὲς ἡ ἀπεργία ἐσημείωσε νέαν ὕφεσιν. Πλεῖστοι ἐργάται ἐπανῆλθον εἰς τὰς ἐργασίας των. Ἡ κυβέρνησις μεριμνᾷ διὰ τὴν ταχεῖαν λύσιν τῶν ζητημάτων. Ἀπὸ τὰς πρωίας τῆς χθὲς ἡ ἀπεργία ἐσημείωσε νέαν ὕφεσιν. Πλεῖστοι ἐργάται ἐπανῆλθον εἰς τὰς ἐργασίας των. Ἡ κυβέρνησις μεριμνᾷ διὰ τὴν ταχεῖαν λύσιν τῶν ζητημάτων. Ἀπὸ τὰς πρωίας τῆς χθὲς ἡ ἀπεργία ἐσημείωσε νέαν ὕφεσιν. Πλεῖστοι ἐργάται ἐπανῆλθον εἰς τὰς ἐργασίας των. Ἡ κυβέρνησις μεριμνᾷ διὰ τὴν ταχεῖαν λύσιν τῶν ζητημάτων.
ΕΙΣ ΤΟΝ ΠΕΙΡΑΙΑ
Ἀπὸ τὰς πρωίας τῆς χθὲς ἡ ἀπεργία ἐσημείωσε νέαν ὕφεσιν. Πλεῖστοι ἐργάται ἐπανῆλθον εἰς τὰς ἐργασίας των. Ἡ κυβέρνησις μεριμνᾷ διὰ τὴν ταχεῖαν λύσιν τῶν ζητημάτων. Ἀπὸ τὰς πρωίας τῆς χθὲς ἡ ἀπεργία ἐσημείωσε νέαν ὕφεσιν. Πλεῖστοι ἐργάται ἐπανῆλθον εἰς τὰς ἐργασίας
Η Ζωή της πόλεως
ἐλέγετο ἡ ἐργασία τῶν Ἡνωμένων Ἐθνῶν ἀπὸ τὴν πρώτην ἡμέραν τῆς συνεδριάσεως τῆς Γενικῆς Συνελεύσεως. Οἱ ἀντιπρόσωποι συνεζήτησαν τὴν ἐκλογὴν τοῦ προέδρου καὶ τὴν συγκρότησιν τῶν ἐπιτροπῶν. ἐλέγετο ἡ ἐργασία τῶν Ἡνωμένων Ἐθνῶν ἀπὸ τὴν πρώτην ἡμέραν τῆς συνεδριάσεως τῆς Γενικῆς Συνελεύσεως. Οἱ ἀντιπρόσωποι συνεζήτησαν τὴν ἐκλογὴν τοῦ προέδρου καὶ τὴν συγκρότησιν τῶν ἐπιτροπῶν. ἐλέγετο ἡ ἐργασία τῶν Ἡνωμένων Ἐθνῶν ἀπὸ τὴν πρώτην ἡμέραν τῆς συνεδριάσεως τῆς Γενικῆς Συνελεύσεως. Οἱ ἀντιπρόσωποι συνεζήτησαν τὴν ἐκλογὴν τοῦ προέδρου καὶ τὴν συγκρότησιν τῶν ἐπιτροπῶν. ἐλέγετο ἡ ἐργασία τῶν Ἡνωμένων Ἐθνῶν ἀπὸ τὴν πρώτην ἡμέραν τῆς συνεδριάσεως τῆς Γενικῆς Συνελεύσεως. Οἱ ἀντιπρόσωποι συνεζήτησαν τὴν ἐκλογὴν τοῦ προέδρου καὶ τὴν συγκρότησιν τῶν ἐπιτροπῶν.
ΙΜΑΤΙΣΜΟΣ ΔΙΑ ΤΑΣ ΕΠΑΡΧΙΑΣ
Ἀπεστάλησαν ἤδη πρὸς τὰς ἐπαρχίας μεγάλαι ποσότητες ἱματισμοῦ διὰ τὴν ἀντιμετώπισιν τῶν ἀναγκῶν τοῦ πληθυσμοῦ κατὰ τὸν χειμῶνα. Ἀπεστάλησαν ἤδη πρὸς τὰς ἐπαρχίας μεγάλαι ποσότητες ἱματισμοῦ διὰ τὴν ἀντιμετώπισιν τῶν ἀναγκῶν τοῦ πληθυσμοῦ κατὰ τὸν χειμῶνα. Ἀπεστάλησαν ἤδη πρὸς τὰς ἐπαρχίας μεγάλαι ποσότητες ἱματισμοῦ διὰ τὴν ἀντιμετώπισιν τῶν ἀναγκῶν τοῦ πληθυσμοῦ κατὰ τὸν χειμῶνα. Ἀπεστάλησαν ἤδη πρὸς τὰς ἐπαρχίας μεγάλαι ποσότητες ἱματισμοῦ διὰ τὴν ἀντιμετώπισιν τῶν ἀναγκῶν τοῦ πληθυσμοῦ κατὰ τὸν χειμῶνα. Ἀπεστάλησαν ἤδη πρὸς τὰς ἐπαρχίας μεγάλαι ποσότητες ἱματισμοῦ διὰ τὴν ἀντιμετώπισιν τῶν ἀναγκῶν τοῦ πληθυσμοῦ κατὰ τὸν χειμῶνα.
ΚΟΤΟΠΟΥΛΗ
ΑΥΡΙΟΝ 7 μ.μ. «ΠΡΩΤΗ» τοῦ περίφημου ἔργου
ΑΡΣΕΝΙΚΟ ΚΑΙ ΠΑΛΗΑ ΔΑΝΤΕΛΑ
ΜΑΡΙΚΑ — ΛΟΓΟΘΕΤΙΔΗΣ ΡΙΤΑ καὶ ΔΗΜ. ΜΥΡΑΤ
frolic's
ΣΗΜΕΡΟΝ
Τηλέ. 35—524 καὶ 25—374
ΠΑΡΤΕ ΣΗΜΕΡΑ
ΟΛΟΙ ΤΟ 4ο ΦΥΛΛΟ
ΤΑ ΚΑΙΝΟΥΡΓΙΑ ΧΡΟΝΙΑ
ΜΟΝΟ ΜΕ ΔΡΑΧ. 200
ΣΤΗΝ
ΑΡΖΕΝΤΙΝΑ
ΙΩΑΝΝΑ ΑΛΣΑ
ΘΕΑΜΑΤΑ
ΘΕΑΤΡΑ
ΑΛΚΗΣ (Ἀκαδημίας — Μάνιου): «Ἡ Ἀκουσύμνησις». — ΚΑΤΙΝΑ ΠΑΞΙΝΟΥ (Παν. Ἐλληνικὸν): Ἑβδομὰς Γκαπλενικά. — ΑΡΓΥΡΟΠΟΥΛΟΥ: Παιχνιδάκια. — ΜΑΡΙΚΑ ΚΟΤΟΠΟΥΛΗ: «Ἡ Ζωὴ». ΑΛΚΗΣ (Ἀκαδημίας — Μάνιου): «Ἡ Ἀκουσύμνησις». — ΚΑΤΙΝΑ ΠΑΞΙΝΟΥ (Παν. Ἐλληνικὸν): Ἑβδομὰς Γκαπλενικά. — ΑΡΓΥΡΟΠΟΥΛΟΥ: Παιχνιδάκια. — ΜΑΡΙΚΑ ΚΟΤΟΠΟΥΛΗ: «Ἡ Ζωὴ». ΑΛΚΗΣ (Ἀκαδημίας — Μάνιου): «Ἡ Ἀκουσύμνησις». — ΚΑΤΙΝΑ ΠΑΞΙΝΟΥ (Παν. Ἐλληνικὸν): Ἑβδομὰς Γκαπλενικά. — ΑΡΓΥΡΟΠΟΥΛΟΥ: Παιχνιδάκια. — ΜΑΡΙΚΑ ΚΟΤΟΠΟΥΛΗ: «Ἡ Ζωὴ». ΑΛΚΗΣ (Ἀκαδημίας — Μάνιου): «Ἡ Ἀκουσύμνησις». — ΚΑΤΙΝΑ ΠΑΞΙΝΟΥ (Παν. Ἐλληνικὸν): Ἑβδομὰς Γκαπλενικά. — ΑΡΓΥΡΟΠΟΥΛΟΥ: Παιχνιδάκια. — ΜΑΡΙΚΑ ΚΟΤΟΠΟΥΛΗ: «Ἡ Ζωὴ». ΑΛΚΗΣ (Ἀκαδημίας — Μάνιου): «Ἡ Ἀκουσύμνησις». — ΚΑΤΙΝΑ ΠΑΞΙΝΟΥ (Παν. Ἐλληνικὸν): Ἑβδομὰς Γκαπλενικά. — ΑΡΓΥΡΟΠΟΥΛΟΥ: Παιχνιδάκια. — ΜΑΡΙΚΑ ΚΟΤΟΠΟΥΛΗ: «Ἡ Ζωὴ».
ΚΙΝΗΜΑΤΟΓΡΑΦΟΙ
ΑΤΤΙΚΟΝ: «Πρωταθλήτρια». — ΠΑΛΛΑΣ: «Ὁ Θησαυρὸς τῆς Κρόνου». — ΡΕΞ: «Πρίγκηψ». ΑΤΤΙΚΟΝ: «Πρωταθλήτρια». — ΠΑΛΛΑΣ: «Ὁ Θησαυρὸς τῆς Κρόνου». — ΡΕΞ: «Πρίγκηψ». ΑΤΤΙΚΟΝ: «Πρωταθλήτρια». — ΠΑΛΛΑΣ: «Ὁ Θησαυρὸς τῆς Κρόνου». — ΡΕΞ: «Πρίγκηψ». ΑΤΤΙΚΟΝ: «Πρωταθλήτρια». — ΠΑΛΛΑΣ: «Ὁ Θησαυρὸς τῆς Κρόνου». — ΡΕΞ: «Πρίγκηψ». ΑΤΤΙΚΟΝ: «Πρωταθλήτρια». — ΠΑΛΛΑΣ: «Ὁ Θησαυρὸς τῆς Κρόνου». — ΡΕΞ: «Πρίγκηψ».
ΠΡΟΣΚΛΗΣΕΙΣ ΓΕΝΙΚΗΣ ΣΥΝΕΛΕΥΣΕΩΣ
Καλοῦνται τὰ μέλη τοῦ Σωματείου εἰς τακτικὴν γενικὴν συνέλευσιν τὴν Κυριακὴν 20 Ἰανουαρίου. Καλοῦνται τὰ μέλη τοῦ Σωματείου εἰς τακτικὴν γενικὴν συνέλευσιν τὴν Κυριακὴν 20 Ἰανουαρίου. Καλοῦνται τὰ μέλη τοῦ Σωματείου εἰς τακτικὴν γενικὴν συνέλευσιν τὴν Κυριακὴν 20 Ἰανουαρίου.
ΑΙ ΕΛΛΗΝΙΚΑΙ ΟΔΗΓΟΙ
Καλοῦνται τὰ μέλη τοῦ Σωματείου εἰς τακτικὴν γενικὴν συνέλευσιν τὴν Κυριακὴν 20 Ἰανουαρίου.
ΡΑΪΝΑ
ΟΔΟΝΤΟΚΡΕΜΑ
ΑΜΕΡΙΚΑΝ, ΤΥΠΟΥ
σὲ κόκκινο κουτὶ
καὶ ὡλωνάριο.
ΠΑΡΑΚΑΤΑΘΗΚΗ - 20989
Κυκλοφορεῖ τὸ νέο βιβλίο
ΣΟΣΙΑΛΙΣΤΙΚΟ ΔΙΚΑΙΟ
ΡΑΔΙΟΦΩΝΟΝ
Ὥρα 6.45 Πρωϊνὰ μουσική. 7 Ἀναγγελίαι. 13 Ἑλληνικὴ μουσική. 20.45 Ἐπίκαιρα. Ὥρα 6.45 Πρωϊνὰ μουσική. 7 Ἀναγγελίαι. 13 Ἑλληνικὴ μουσική. 20.45 Ἐπίκαιρα. Ὥρα 6.45 Πρωϊνὰ μουσική. 7 Ἀναγγελίαι. 13 Ἑλληνικὴ μουσική. 20.45 Ἐπίκαιρα. Ὥρα 6.45 Πρωϊνὰ μουσική. 7 Ἀναγγελίαι. 13 Ἑλληνικὴ μουσική. 20.45 Ἐπίκαιρα. Ὥρα 6.45 Πρωϊνὰ μουσική. 7 Ἀναγγελίαι. 13 Ἑλληνικὴ μουσική. 20.45 Ἐπίκαιρα.
ΑΘΗΝΑΪΚΟΣ ΣΤΑΘΜΟΣ
Ὥρα 6.45 Πρωϊνὰ μουσική. 7 Ἀναγγελίαι. 13 Ἑλληνικὴ μουσική. 20.45 Ἐπίκαιρα. Ὥρα 6.45 Πρωϊνὰ μουσική. 7 Ἀναγγελίαι. 13 Ἑλληνικὴ μουσική. 20.45 Ἐπίκαιρα.
ΦΡΟΝΤΙΣΤΗΡΙΑ Δ. Ι. ΛΙΒΕΡΗ
ΗΛΕΚΤΡΙΚΑ ΚΑΜΙΝΕΤΑ
200 W. μὲ ρεῦμα 220 V. καὶ 110 V.
ΠΑΝΑΓΙΩΤΟΠΟΥΛΟΣ
Η ΥΠΟΔΕΙΞΙΣ ΤΩΝ ΑΚΚΙΜΩΝ
Καλοῦνται τὰ μέλη τοῦ Σωματείου εἰς τακτικὴν γενικὴν συνέλευσιν τὴν Κυριακὴν 20 Ἰανουαρίου. Καλοῦνται τὰ μέλη τοῦ Σωματείου εἰς τακτικὴν γενικὴν συνέλευσιν τὴν Κυριακὴν 20 Ἰανουαρίου. Καλοῦνται τὰ μέλη τοῦ Σωματείου εἰς τακτικὴν γενικὴν συνέλευσιν τὴν Κυριακὴν 20 Ἰανουαρίου.
ΓΥΝΑΙΚΕΙΑ ΚΙΝΗΣΙΣ
Καλοῦνται τὰ μέλη τοῦ Σωματείου εἰς τακτικὴν γενικὴν συνέλευσιν τὴν Κυριακὴν 20 Ἰανουαρίου.
ΚΟΙΝΩΝΙΚΑ
ΒΑΠΤΙΣΕΙΣ
Καλοῦνται τὰ μέλη τοῦ Σωματείου εἰς τακτικὴν γενικὴν συνέλευσιν τὴν Κυριακὴν 20 Ἰανουαρίου.
ΜΝΗΜΟΣΥΝΟΝ
Καλοῦνται τὰ μέλη τοῦ Σωματείου εἰς τακτικὴν γενικὴν συνέλευσιν τὴν Κυριακὴν 20 Ἰανουαρίου.
ΑΝΑΚΟΙΝΩΣΙΣ ΚΕΝΤΡΟΥ ΝΕΟΤΗΤΟΣ ΔΗΜΟΥ ΑΘΗΝΑΙΩΝ
Ὁ ὑπουργὸς τῶν Ἐσωτερικῶν ἀπέστειλεν ἐγκύκλιον διὰ τὴν ταχεῖαν ἀναθεώρησιν τῶν ἐκλογικῶν καταλόγων. Ὁ ὑπουργὸς τῶν Ἐσωτερικῶν ἀπέστειλεν ἐγκύκλιον διὰ τὴν ταχεῖαν ἀναθεώρησιν τῶν ἐκλογικῶν καταλόγων. Ὁ ὑπουργὸς τῶν Ἐσωτερικῶν ἀπέστειλεν ἐγκύκλιον διὰ τὴν ταχεῖαν ἀναθεώρησιν τῶν ἐκλογικῶν καταλόγων.
ΒΑΣΙΛΕΙΟΝ ΤΗΣ ΕΛΛΑΔΟΣ ΔΗΜΟΣ ΑΘΗΝΑΙΩΝ
Ὁ ὑπουργὸς τῶν Ἐσωτερικῶν ἀπέστειλεν ἐγκύκλιον διὰ τὴν ταχεῖαν ἀναθεώρησιν τῶν ἐκλογικῶν καταλόγων. Ὁ ὑπουργὸς τῶν Ἐσωτερικῶν ἀπέστειλεν ἐγκύκλιον διὰ τὴν ταχεῖαν ἀναθεώρησιν τῶν ἐκλογικῶν καταλόγων. Ὁ ὑπουργὸς τῶν Ἐσωτερικῶν ἀπέστειλεν ἐγκύκλιον διὰ τὴν ταχεῖαν ἀναθεώρησιν τῶν ἐκλογικῶν καταλόγων. Ὁ ὑπουργὸς τῶν Ἐσωτερικῶν ἀπέστειλεν ἐγκύκλιον διὰ τὴν ταχεῖαν ἀναθεώρησιν τῶν ἐκλογικῶν καταλόγων.
ΔΙΑΚΡΙΣΙΣ
Ὁ ὑπουργὸς τῶν Ἐσωτερικῶν ἀπέστειλεν ἐγκύκλιον διὰ τὴν ταχεῖαν ἀναθεώρησιν τῶν ἐκλογικῶν καταλόγων. Ὁ ὑπουργὸς τῶν Ἐσωτερικῶν ἀπέστειλεν ἐγκύκλιον διὰ τὴν ταχεῖαν ἀναθεώρησιν τῶν ἐκλογικῶν καταλόγων.
Η ΡΥΘΜΙΣΙΣ ΤΟΥ ΖΗΤΗΜΑΤΟΣ ΤΩΝ ΕΚΛΟΓΙΚΩΝ ΚΑΤΑΛΟΓΩΝ
Ὁ ὑπουργὸς τῶν Ἐσωτερικῶν ἀπέστειλεν ἐγκύκλιον διὰ τὴν ταχεῖαν ἀναθεώρησιν τῶν ἐκλογικῶν καταλόγων. Ὁ ὑπουργὸς τῶν Ἐσωτερικῶν ἀπέστειλεν ἐγκύκλιον διὰ τὴν ταχεῖαν ἀναθεώρησιν τῶν ἐκλογικῶν καταλόγων. Ὁ ὑπουργὸς τῶν Ἐσωτερικῶν ἀπέστειλεν ἐγκύκλιον διὰ τὴν ταχεῖαν ἀναθεώρησιν τῶν ἐκλογικῶν καταλόγων.
ΑΙ ΣΥΜΜΟΡΙΑΙ ΤΗΣ ΚΟΡΙΝΘΙΑΣ
Ὁ ὑπουργὸς τῆς Δημοσίας Τάξεως ἀνεκοίνωσεν ὅτι κατεβλήθησαν αἱ συμμορίαι τῆς Κορινθίας. Ὁ ὑπουργὸς τῆς Δημοσίας Τάξεως ἀνεκοίνωσεν ὅτι κατεβλήθησαν αἱ συμμορίαι τῆς Κορινθίας. Ὁ ὑπουργὸς τῆς Δημοσίας Τάξεως ἀνεκοίνωσεν ὅτι κατεβλήθησαν αἱ συμμορίαι τῆς Κορινθίας. Ὁ ὑπουργὸς τῆς Δημοσίας Τάξεως ἀνεκοίνωσεν ὅτι κατεβλήθησαν αἱ συμμορίαι τῆς Κορινθίας.
Η ΑΙΤΗΣΙΣ ΧΑΡΙΤΟΣ ΤΩΝ «ΚΤΗΝΩΝ» ΤΗΣ ΕΙΔ.ΚΗΣ
Ὁ ὑπουργὸς τῆς Δημοσίας Τάξεως ἀνεκοίνωσεν ὅτι κατεβλήθησαν αἱ συμμορίαι τῆς Κορινθίας.
